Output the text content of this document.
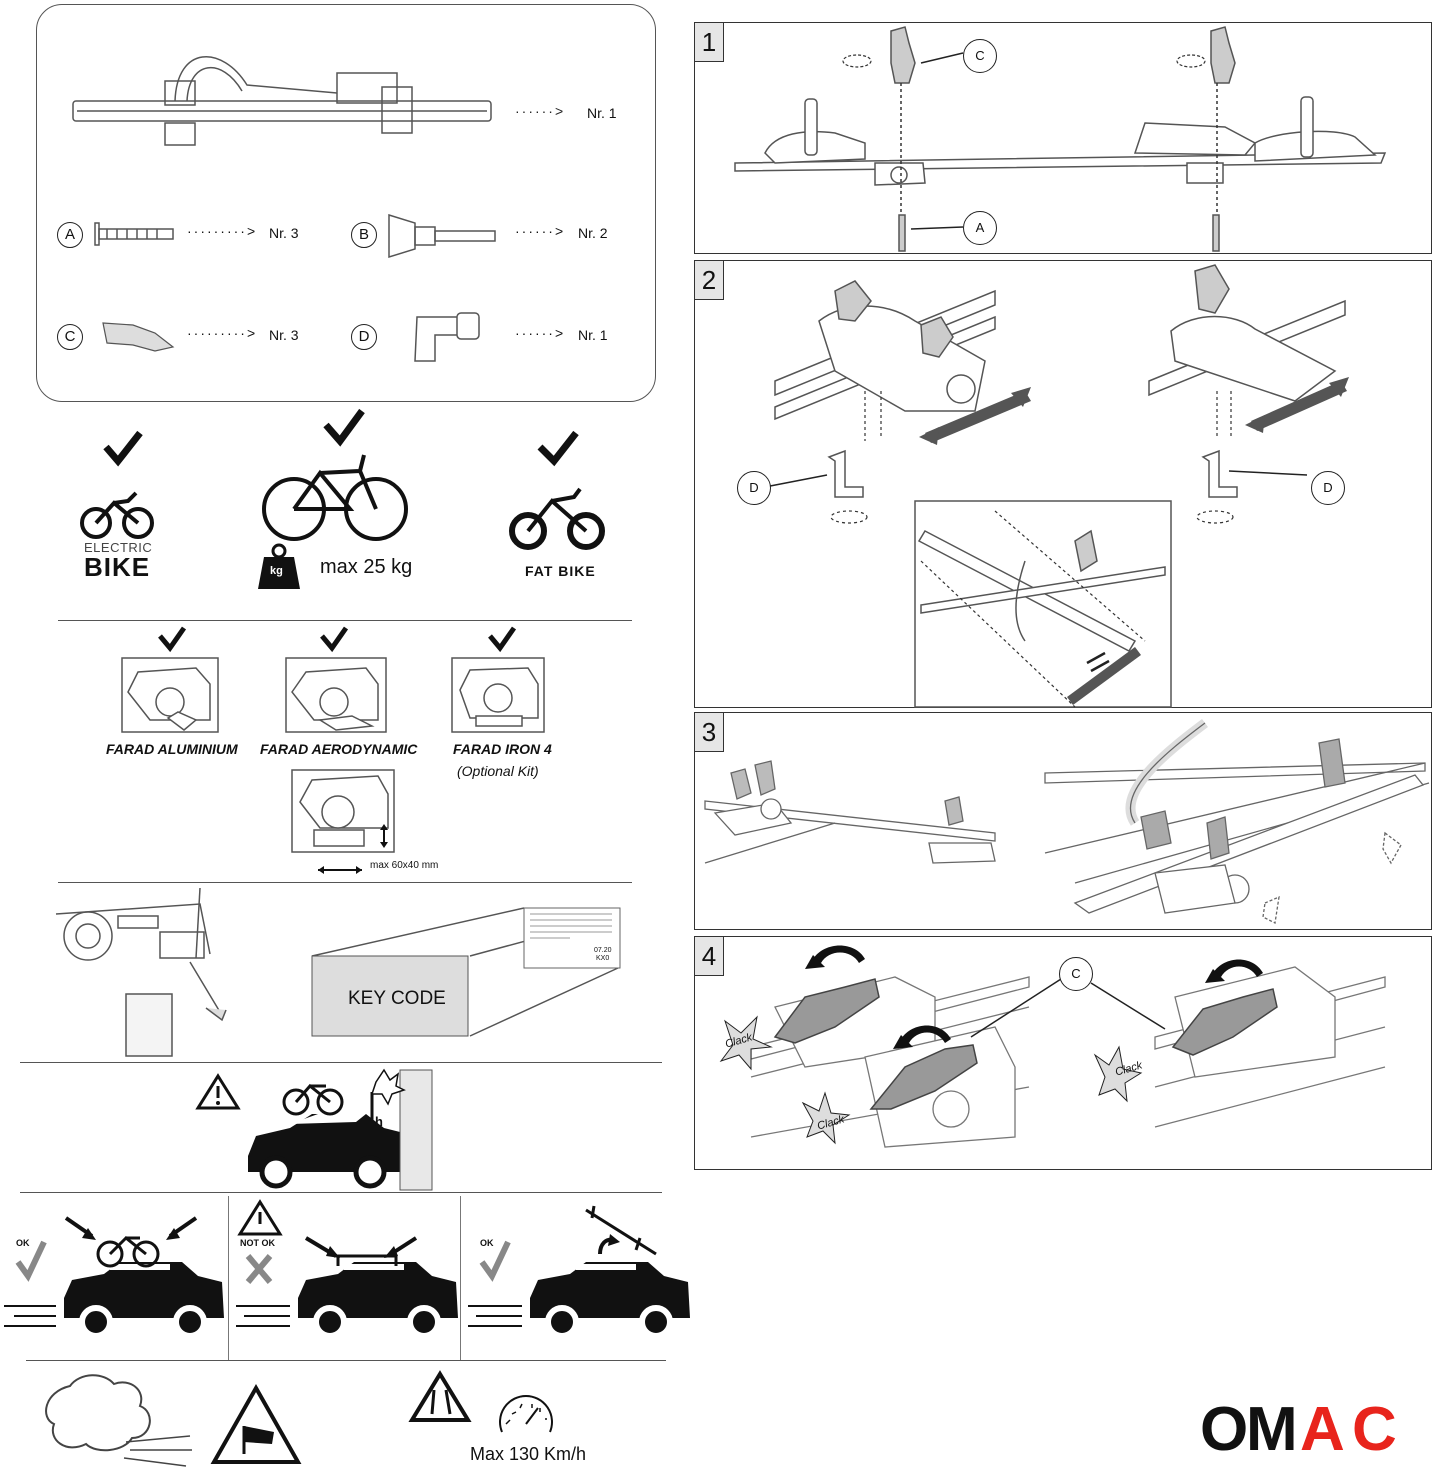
······> Nr. 1
A	·········> Nr. 3	B	······> Nr. 2
C	·········> Nr. 3	D	······> Nr. 1
ELECTRIC
BIKE	kg max 25 kg	FAT BIKE
FARAD ALUMINIUM FARAD AERODYNAMIC	FARAD IRON 4
(Optional Kit)
max 60x40 mm
07.20
KX0
KEY CODE
h
OK	NOT OK	OK
Max 130 Km/h
1	C
A
2
D	D
3
4
C
Clack
Clack
Clack
O
M A C
